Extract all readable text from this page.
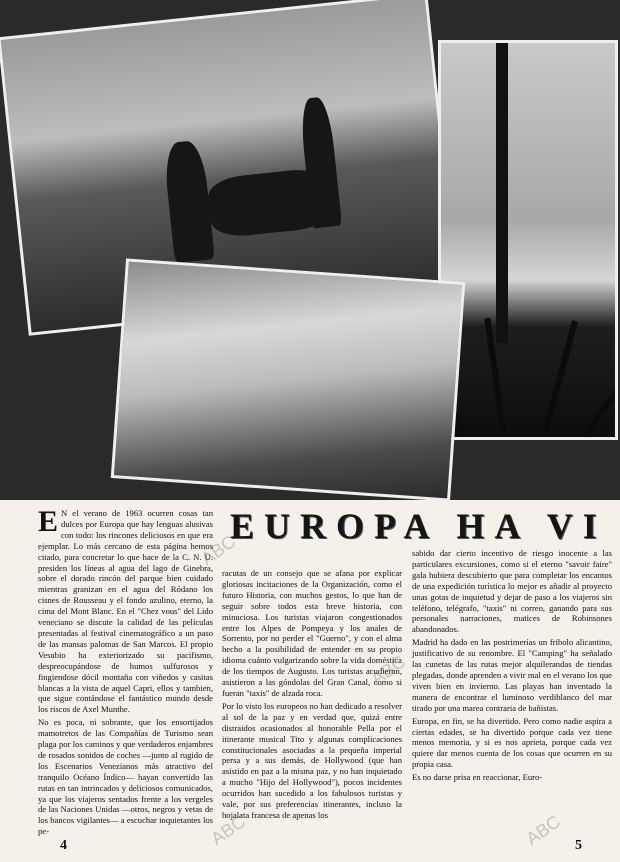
EUROPA HA VI
ABC
ABC
ABC	ABC

E N el verano de 1963 ocurren cosas tan dulces por Europa que hay lenguas alusivas con todo: los rincones deliciosos en que era ejemplar. Lo más cercano de esta página hemos citado, para concretar lo que hace de la C. N. U. presiden los líneas al agua del lago de Ginebra, sobre el dorado rincón del parque bien cuidado mientras granizan en el agua del Ródano los cisnes de Rousseau y el fondo azulino, eterno, la cima del Mont Blanc. En el "Chez vous" del Lido veneciano se discute la calidad de las películas presentadas al festival cinematográfico a un paso de las mansas palomas de San Marcos. El propio Vesubio ha exteriorizado su pacifismo, despreocupándose de humos sulfurosos y fingiendose dócil montaña con viñedos y casitas blancas a la vista de aquel Capri, ellos y tambien, que sigue contándose el fantástico mundo desde los riscos de Axel Munthe.

No es poca, ni sobrante, que los ensortijados mamotretos de las Compañías de Turismo sean plaga por los caminos y que verdaderos enjambres de rosados sonidos de coches —junto al rugido de los Escenarios Venezianos más atractivo del tranquilo Océano Índico— hayan convertido las rutas en tan intrincados y deliciosos comunicados, ya que los viajeros sentados frente a los vergeles de las Naciones Unidas —otros, negros y vetas de los bancos vigilantes— a escuchar inquietantes los pe-

racutas de un consejo que se afana por explicar gloriosas incitaciones de la Organización, como el futuro Historia, con muchos gestos, lo que han de seguir sobre todos esta breve historia, con minuciosa. Los turistas viajaron congestionados entre los Alpes de Pompeya y los anales de Sorrento, por no perder el "Guerno", y con el alma hecho a la posibilidad de entender en su propio idioma cuánto vulgarizando sobre la vida doméstica de los tiempos de Augusto. Los turistas acudieron, asistieron a las góndolas del Gran Canal, como si fueran "taxis" de alzada roca.

Por lo visto los europeos no han dedicado a resolver al sol de la paz y en verdad que, quizá entre distraidos ocasionados al honorable Pella por el itinerante musical Tito y algunas complicaciones constitucionales asociadas a la pequeña imperial persa y a sus demás, de Hollywood (que han asistido en paz a la misma paz, y no han inquietado a mucho "Hijo del Hollywood"), pocos incidentes ocurridos han sucedido a los fabulosos turistas y vale, por sus preferencias itinerantes, incluso la hojalata francesa de apenas los

sabido dar cierto incentivo de riesgo inocente a las particulares excursiones, como si el eterno "savoir faire" gala hubiera descubierto que para completar los encantos de una expedición turística lo mejor es añadir al proyecto unas gotas de inquietud y dejar de paso a los viajeros sin teléfono, telégrafo, "taxis" ni correo, ganando para sus personales narraciones, matices de Robinsones abandonados.

Madrid ha dado en las postrimerías un fribolo alicantino, justificativo de su renombre. El "Camping" ha señalado las cunetas de las rutas mejor alquilerandas de tiendas plegadas, donde aprenden a vivir mal en el verano los que viven bien en invierno. Las playas han inventado la manera de encontrar el luminoso verdiblanco del mar tirado por una marea contraria de bañistas.

Europa, en fin, se ha divertido. Pero como nadie aspira a ciertas edades, se ha divertido porque cada vez tiene menos memoria, y si es nos aprieta, porque cada vez quiere dar menos cuenta de los cosas que ocurren en su propia casa.

Es no darse prisa en reaccionar, Euro-

4	5
